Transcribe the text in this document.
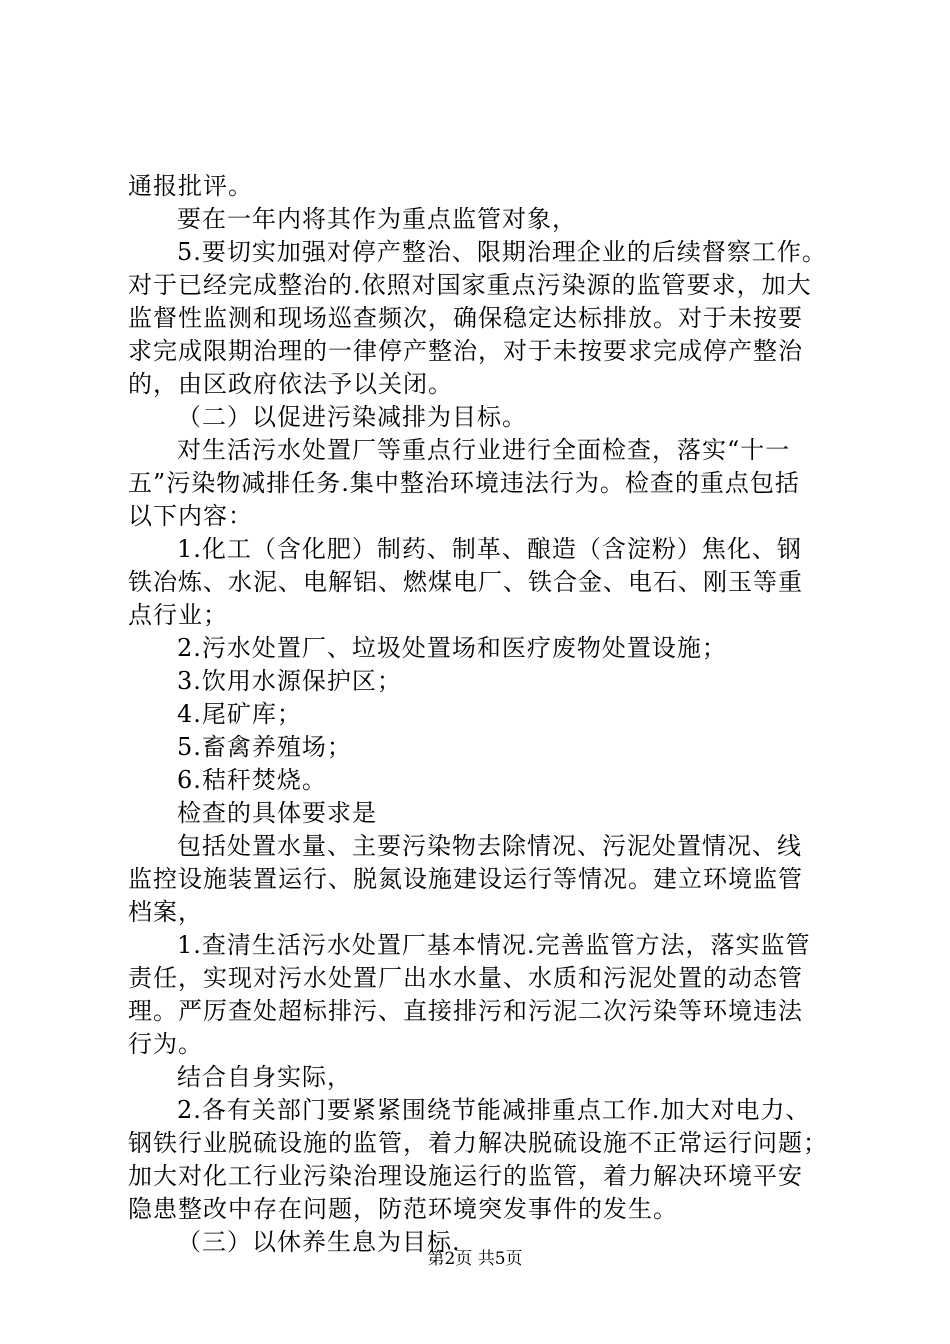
通报批评。

要在一年内将其作为重点监管对象，

5.要切实加强对停产整治、限期治理企业的后续督察工作。

对于已经完成整治的.依照对国家重点污染源的监管要求，加大

监督性监测和现场巡查频次，确保稳定达标排放。对于未按要

求完成限期治理的一律停产整治，对于未按要求完成停产整治

的，由区政府依法予以关闭。

（二）以促进污染减排为目标。

对生活污水处置厂等重点行业进行全面检查，落实“十一

五”污染物减排任务.集中整治环境违法行为。检查的重点包括

以下内容：

1.化工（含化肥）制药、制革、酿造（含淀粉）焦化、钢

铁冶炼、水泥、电解铝、燃煤电厂、铁合金、电石、刚玉等重

点行业；

2.污水处置厂、垃圾处置场和医疗废物处置设施；

3.饮用水源保护区；

4.尾矿库；

5.畜禽养殖场；

6.秸秆焚烧。

检查的具体要求是

包括处置水量、主要污染物去除情况、污泥处置情况、线

监控设施装置运行、脱氮设施建设运行等情况。建立环境监管

档案，

1.查清生活污水处置厂基本情况.完善监管方法，落实监管

责任，实现对污水处置厂出水水量、水质和污泥处置的动态管

理。严厉查处超标排污、直接排污和污泥二次污染等环境违法

行为。

结合自身实际，

2.各有关部门要紧紧围绕节能减排重点工作.加大对电力、

钢铁行业脱硫设施的监管，着力解决脱硫设施不正常运行问题；

加大对化工行业污染治理设施运行的监管，着力解决环境平安

隐患整改中存在问题，防范环境突发事件的发生。

（三）以休养生息为目标.

第2页 共5页
